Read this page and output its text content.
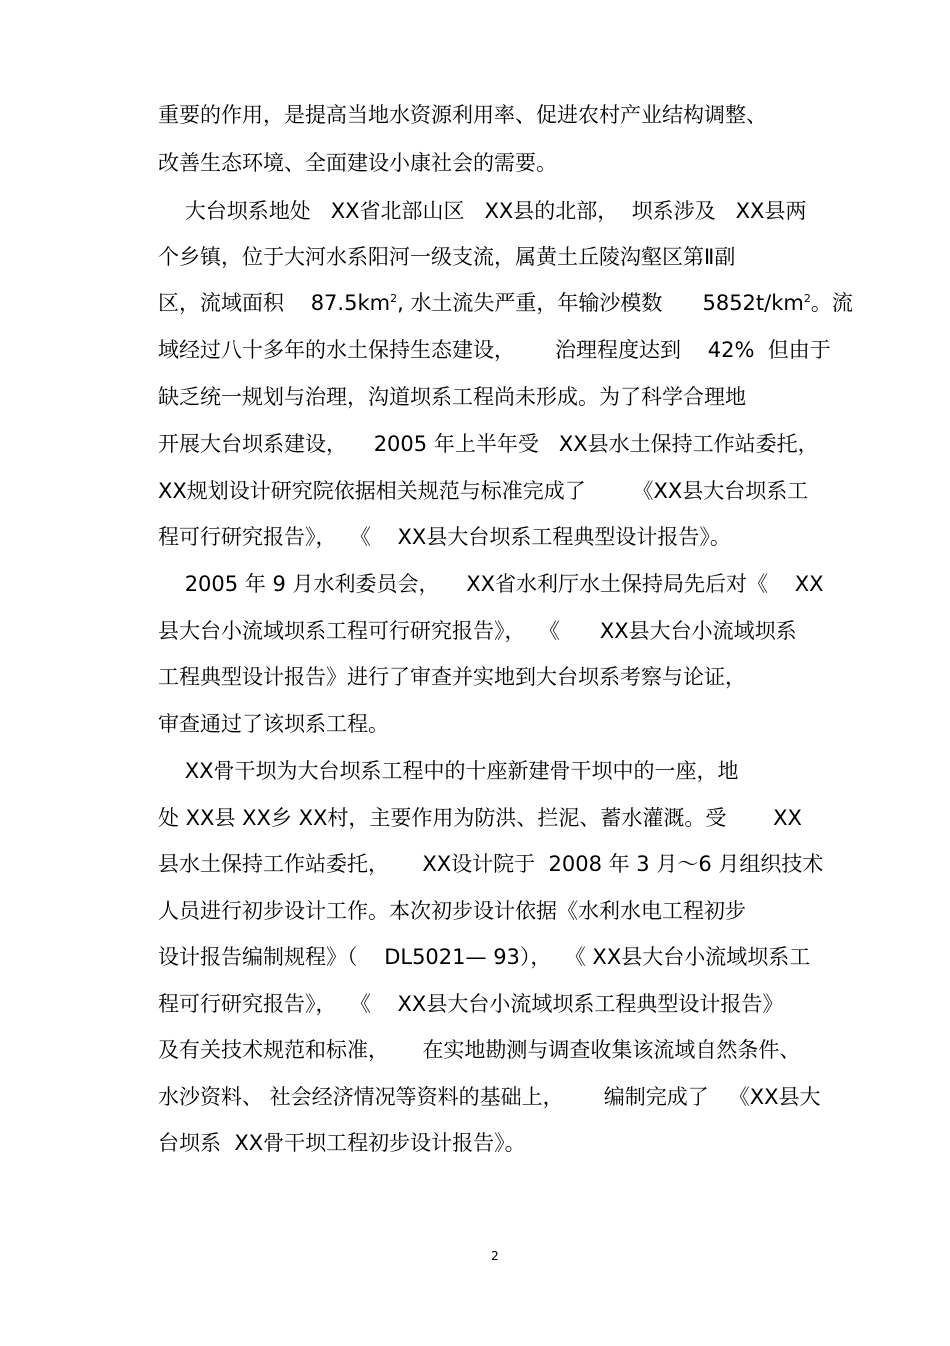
重要的作用，是提高当地水资源利用率、促进农村产业结构调整、
改善生态环境、全面建设小康社会的需要。
大台坝系地处   XX省北部山区   XX县的北部，  坝系涉及   XX县两
个乡镇，位于大河水系阳河一级支流，属黄土丘陵沟壑区第Ⅱ副
区，流域面积    $87.5km^2$, 水土流失严重，年输沙模数      $5852t/km^2$。流
域经过八十多年的水土保持生态建设，      治理程度达到    42%  但由于
缺乏统一规划与治理，沟道坝系工程尚未形成。为了科学合理地
开展大台坝系建设，    2005 年上半年受   XX县水土保持工作站委托，
XX规划设计研究院依据相关规范与标准完成了       《XX县大台坝系工
程可行研究报告》，  《    XX县大台坝系工程典型设计报告》。
2005 年 9 月水利委员会，    XX省水利厅水土保持局先后对《    XX
县大台小流域坝系工程可行研究报告》，  《      XX县大台小流域坝系
工程典型设计报告》进行了审查并实地到大台坝系考察与论证，
审查通过了该坝系工程。
XX骨干坝为大台坝系工程中的十座新建骨干坝中的一座，地
处 XX县 XX乡 XX村，主要作用为防洪、拦泥、蓄水灌溉。受       XX
县水土保持工作站委托，     XX设计院于  2008 年 3 月～6 月组织技术
人员进行初步设计工作。本次初步设计依据《水利水电工程初步
设计报告编制规程》（    DL5021— 93），  《 XX县大台小流域坝系工
程可行研究报告》，  《    XX县大台小流域坝系工程典型设计报告》
及有关技术规范和标准，     在实地勘测与调查收集该流域自然条件、
水沙资料、 社会经济情况等资料的基础上，      编制完成了   《XX县大
台坝系  XX骨干坝工程初步设计报告》。
2
